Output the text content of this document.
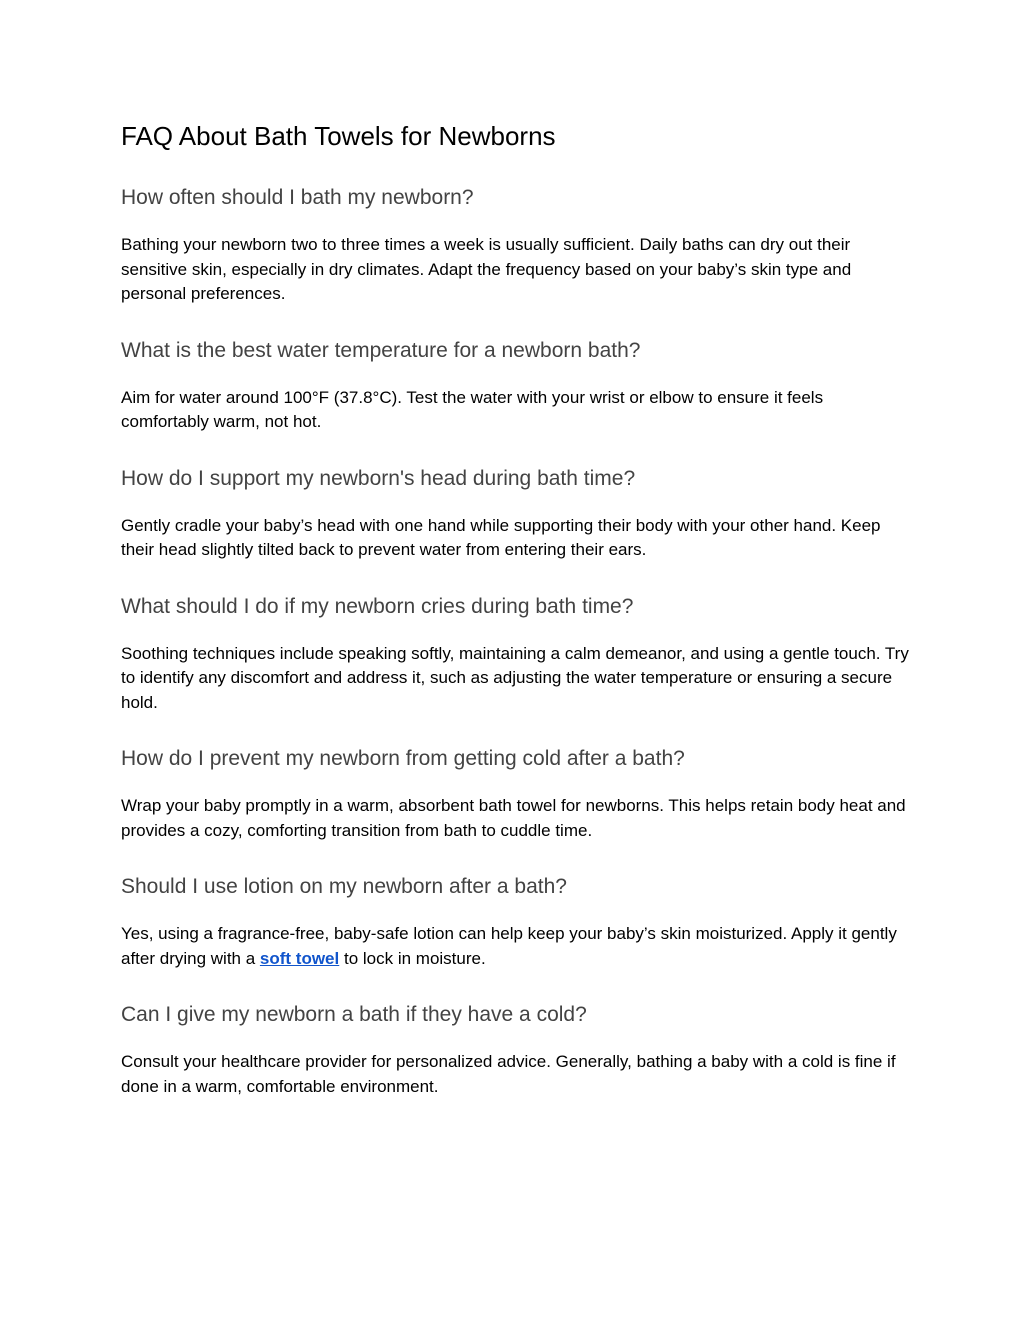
FAQ About Bath Towels for Newborns
How often should I bath my newborn?

Bathing your newborn two to three times a week is usually sufficient. Daily baths can dry out their sensitive skin, especially in dry climates. Adapt the frequency based on your baby’s skin type and personal preferences.

What is the best water temperature for a newborn bath?

Aim for water around 100°F (37.8°C). Test the water with your wrist or elbow to ensure it feels comfortably warm, not hot.

How do I support my newborn's head during bath time?

Gently cradle your baby’s head with one hand while supporting their body with your other hand. Keep their head slightly tilted back to prevent water from entering their ears.

What should I do if my newborn cries during bath time?

Soothing techniques include speaking softly, maintaining a calm demeanor, and using a gentle touch. Try to identify any discomfort and address it, such as adjusting the water temperature or ensuring a secure hold.

How do I prevent my newborn from getting cold after a bath?

Wrap your baby promptly in a warm, absorbent bath towel for newborns. This helps retain body heat and provides a cozy, comforting transition from bath to cuddle time.

Should I use lotion on my newborn after a bath?

Yes, using a fragrance-free, baby-safe lotion can help keep your baby’s skin moisturized. Apply it gently after drying with a soft towel to lock in moisture.

Can I give my newborn a bath if they have a cold?

Consult your healthcare provider for personalized advice. Generally, bathing a baby with a cold is fine if done in a warm, comfortable environment.
